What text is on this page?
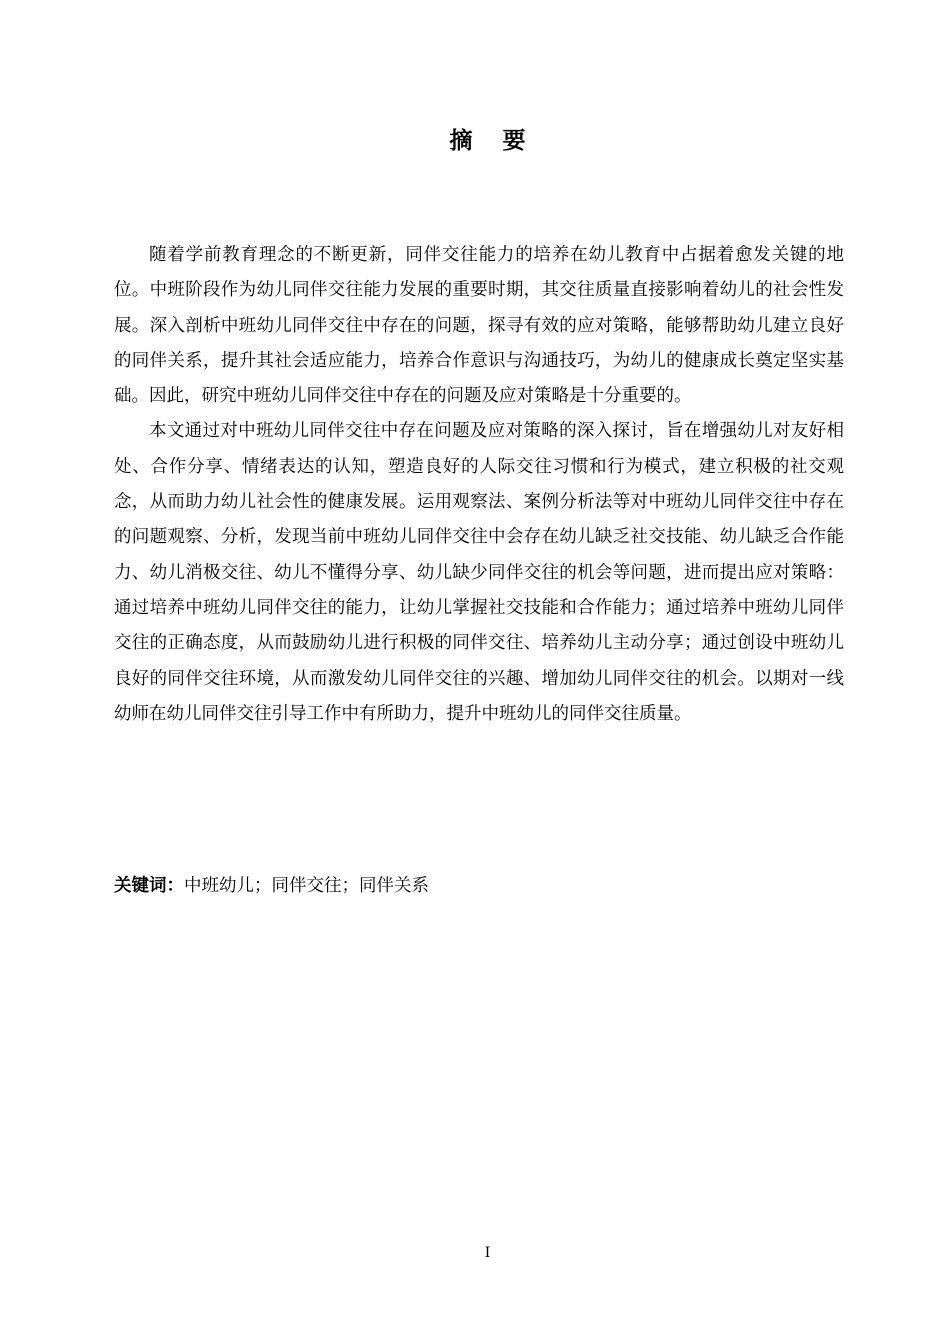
摘 要

随着学前教育理念的不断更新，同伴交往能力的培养在幼儿教育中占据着愈发关键的地位。中班阶段作为幼儿同伴交往能力发展的重要时期，其交往质量直接影响着幼儿的社会性发展。深入剖析中班幼儿同伴交往中存在的问题，探寻有效的应对策略，能够帮助幼儿建立良好的同伴关系，提升其社会适应能力，培养合作意识与沟通技巧，为幼儿的健康成长奠定坚实基础。因此，研究中班幼儿同伴交往中存在的问题及应对策略是十分重要的。

本文通过对中班幼儿同伴交往中存在问题及应对策略的深入探讨，旨在增强幼儿对友好相处、合作分享、情绪表达的认知，塑造良好的人际交往习惯和行为模式，建立积极的社交观念，从而助力幼儿社会性的健康发展。运用观察法、案例分析法等对中班幼儿同伴交往中存在的问题观察、分析，发现当前中班幼儿同伴交往中会存在幼儿缺乏社交技能、幼儿缺乏合作能力、幼儿消极交往、幼儿不懂得分享、幼儿缺少同伴交往的机会等问题，进而提出应对策略：通过培养中班幼儿同伴交往的能力，让幼儿掌握社交技能和合作能力；通过培养中班幼儿同伴交往的正确态度，从而鼓励幼儿进行积极的同伴交往、培养幼儿主动分享；通过创设中班幼儿良好的同伴交往环境，从而激发幼儿同伴交往的兴趣、增加幼儿同伴交往的机会。以期对一线幼师在幼儿同伴交往引导工作中有所助力，提升中班幼儿的同伴交往质量。

关键词：中班幼儿；同伴交往；同伴关系
I
